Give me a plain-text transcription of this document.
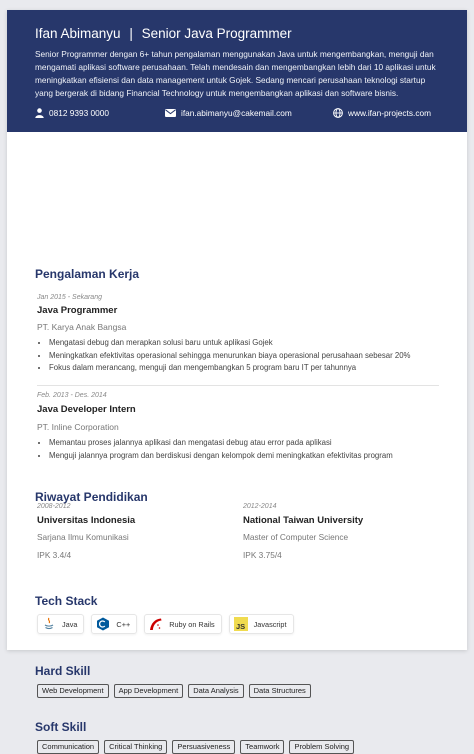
Ifan Abimanyu | Senior Java Programmer

Senior Programmer dengan 6+ tahun pengalaman menggunakan Java untuk mengembangkan, menguji dan mengamati aplikasi software perusahaan. Telah mendesain dan mengembangkan lebih dari 10 aplikasi untuk meningkatkan efisiensi dan data management untuk Gojek. Sedang mencari perusahaan teknologi startup yang bergerak di bidang Financial Technology untuk mengembangkan aplikasi dan software bisnis.

0812 9393 0000	ifan.abimanyu@cakemail.com	www.ifan-projects.com
Pengalaman Kerja
Jan 2015 - Sekarang
Java Programmer
PT. Karya Anak Bangsa
• Mengatasi debug dan merapkan solusi baru untuk aplikasi Gojek
• Meningkatkan efektivitas operasional sehingga menurunkan biaya operasional perusahaan sebesar 20%
• Fokus dalam merancang, menguji dan mengembangkan 5 program baru IT per tahunnya
Feb. 2013 - Des. 2014
Java Developer Intern
PT. Inline Corporation
• Memantau proses jalannya aplikasi dan mengatasi debug atau error pada aplikasi
• Menguji jalannya program dan berdiskusi dengan kelompok demi meningkatkan efektivitas program
Riwayat Pendidikan
2008-2012
Universitas Indonesia
Sarjana Ilmu Komunikasi
IPK 3.4/4
2012-2014
National Taiwan University
Master of Computer Science
IPK 3.75/4
Tech Stack
Java	C++	Ruby on Rails	JS Javascript
Hard Skill
Web Development	App Development	Data Analysis	Data Structures
Soft Skill
Communication	Critical Thinking	Persuasiveness	Teamwork	Problem Solving
